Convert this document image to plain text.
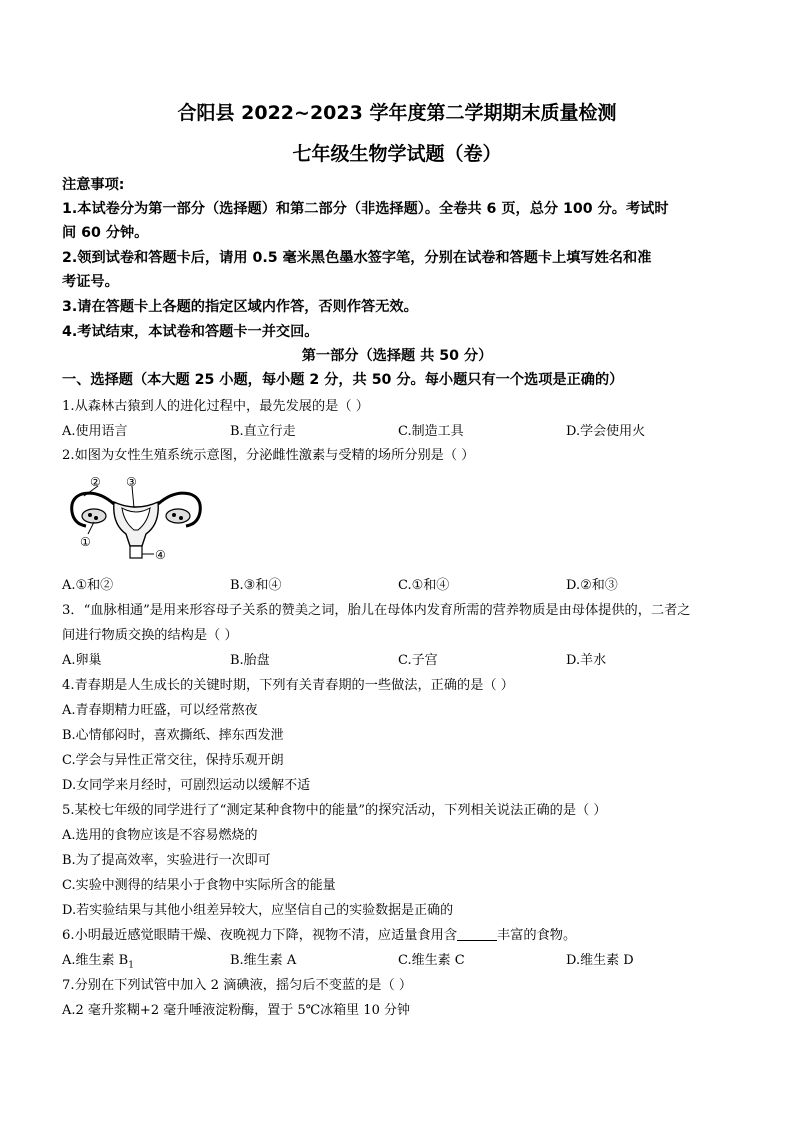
合阳县 2022~2023 学年度第二学期期末质量检测
七年级生物学试题（卷）
注意事项:
1.本试卷分为第一部分（选择题）和第二部分（非选择题）。全卷共 6 页，总分 100 分。考试时
间 60 分钟。
2.领到试卷和答题卡后，请用 0.5 毫米黑色墨水签字笔，分别在试卷和答题卡上填写姓名和准
考证号。
3.请在答题卡上各题的指定区域内作答，否则作答无效。
4.考试结束，本试卷和答题卡一并交回。
第一部分（选择题 共 50 分）
一、选择题（本大题 25 小题，每小题 2 分，共 50 分。每小题只有一个选项是正确的）
1.从森林古猿到人的进化过程中，最先发展的是（ ）
A.使用语言	B.直立行走	C.制造工具	D.学会使用火
2.如图为女性生殖系统示意图，分泌雌性激素与受精的场所分别是（ ）
② ③
①
④
A.①和②	B.③和④	C.①和④	D.②和③
3．“血脉相通”是用来形容母子关系的赞美之词，胎儿在母体内发育所需的营养物质是由母体提供的，二者之
间进行物质交换的结构是（ ）
A.卵巢	B.胎盘	C.子宫	D.羊水
4.青春期是人生成长的关键时期，下列有关青春期的一些做法，正确的是（ ）
A.青春期精力旺盛，可以经常熬夜
B.心情郁闷时，喜欢撕纸、摔东西发泄
C.学会与异性正常交往，保持乐观开朗
D.女同学来月经时，可剧烈运动以缓解不适
5.某校七年级的同学进行了“测定某种食物中的能量”的探究活动，下列相关说法正确的是（ ）
A.选用的食物应该是不容易燃烧的
B.为了提高效率，实验进行一次即可
C.实验中测得的结果小于食物中实际所含的能量
D.若实验结果与其他小组差异较大，应坚信自己的实验数据是正确的
6.小明最近感觉眼睛干燥、夜晚视力下降，视物不清，应适量食用含	丰富的食物。
A.维生素 $B_1$	B.维生素 A	C.维生素 C	D.维生素 D
7.分别在下列试管中加入 2 滴碘液，摇匀后不变蓝的是（ ）
A.2 毫升浆糊+2 毫升唾液淀粉酶，置于 5℃冰箱里 10 分钟
